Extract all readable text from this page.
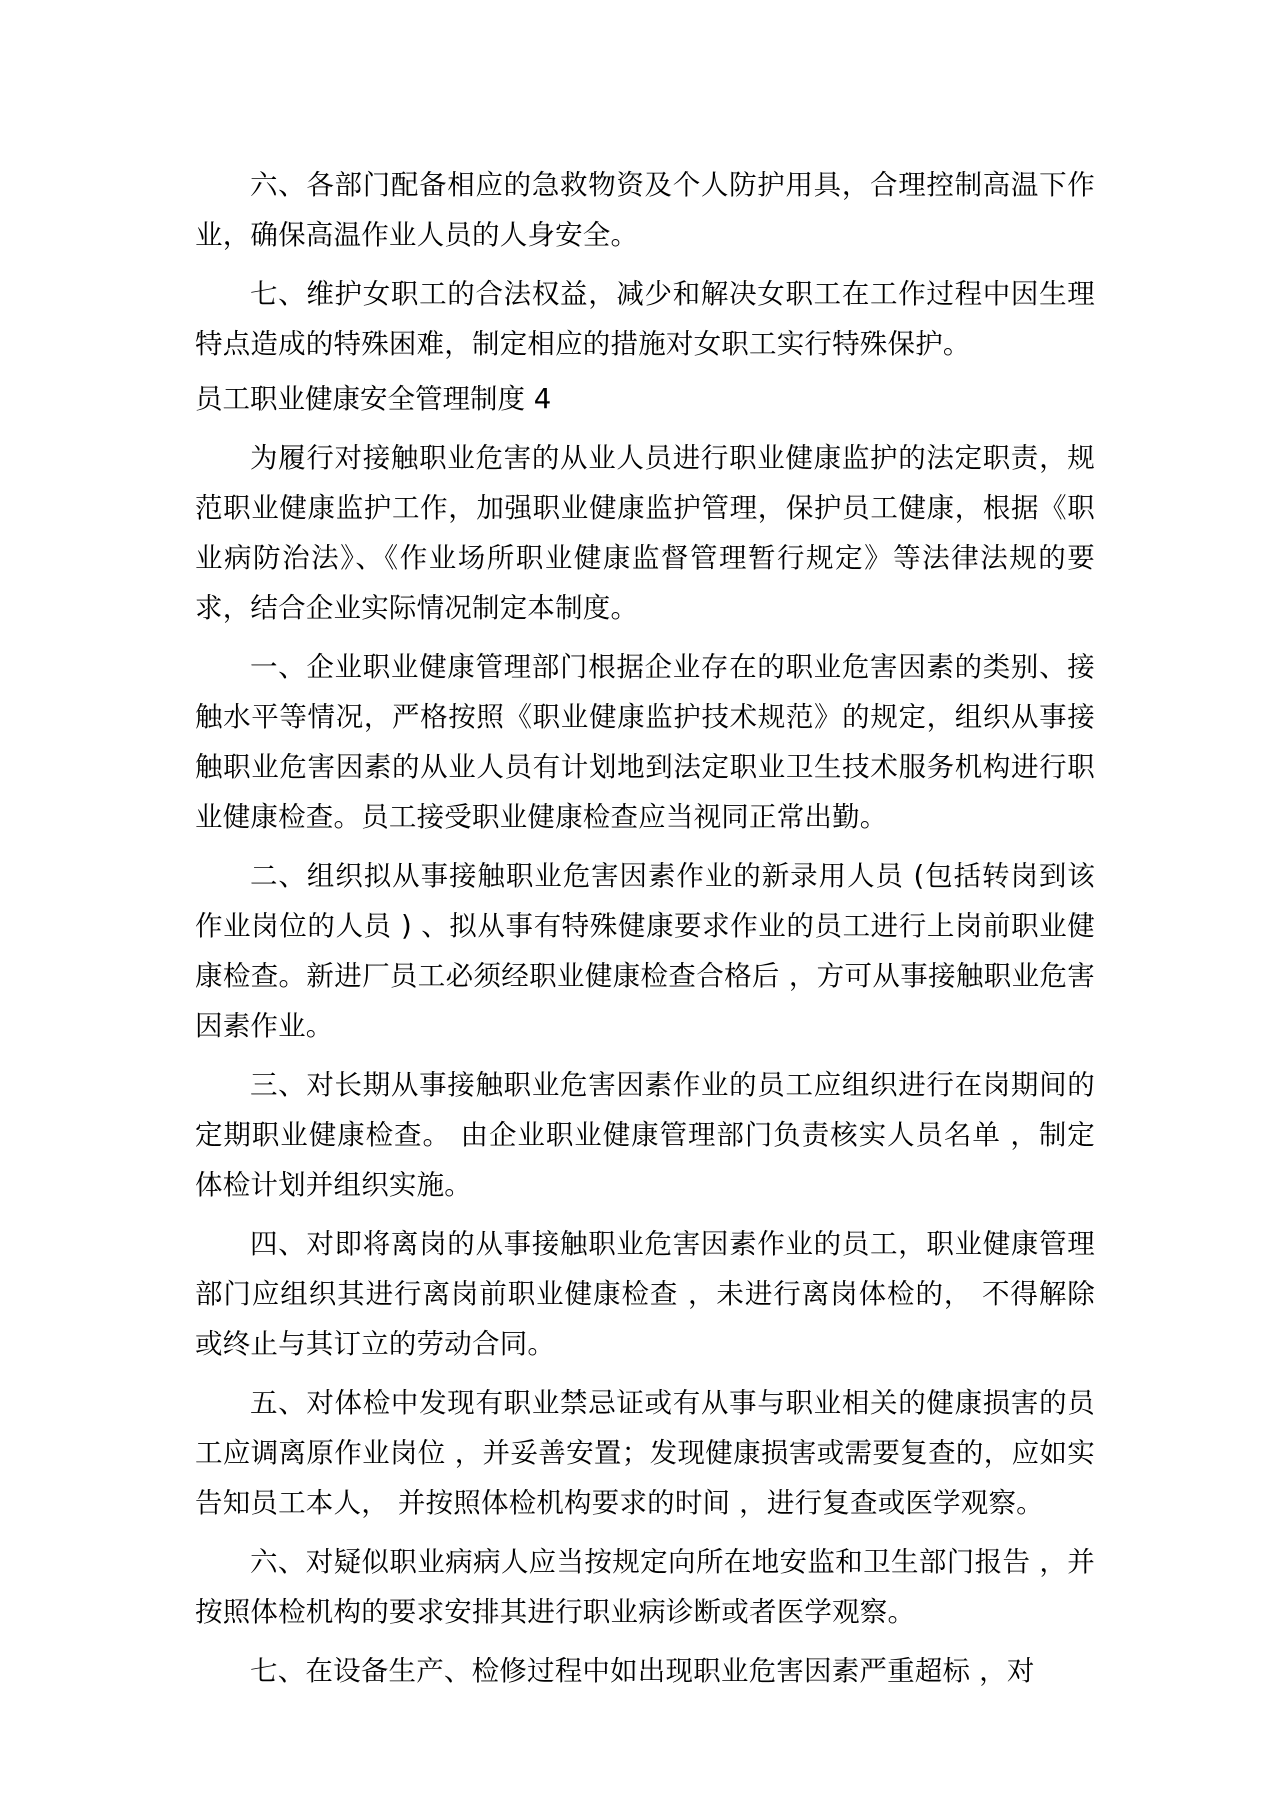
六、各部门配备相应的急救物资及个人防护用具，合理控制高温下作业，确保高温作业人员的人身安全。

七、维护女职工的合法权益，减少和解决女职工在工作过程中因生理特点造成的特殊困难，制定相应的措施对女职工实行特殊保护。

员工职业健康安全管理制度 4

为履行对接触职业危害的从业人员进行职业健康监护的法定职责，规范职业健康监护工作，加强职业健康监护管理，保护员工健康，根据《职业病防治法》、《作业场所职业健康监督管理暂行规定》等法律法规的要求，结合企业实际情况制定本制度。

一、企业职业健康管理部门根据企业存在的职业危害因素的类别、接触水平等情况，严格按照《职业健康监护技术规范》的规定，组织从事接触职业危害因素的从业人员有计划地到法定职业卫生技术服务机构进行职业健康检查。员工接受职业健康检查应当视同正常出勤。

二、组织拟从事接触职业危害因素作业的新录用人员 (包括转岗到该作业岗位的人员 ) 、拟从事有特殊健康要求作业的员工进行上岗前职业健康检查。新进厂员工必须经职业健康检查合格后 ，方可从事接触职业危害因素作业。

三、对长期从事接触职业危害因素作业的员工应组织进行在岗期间的定期职业健康检查。 由企业职业健康管理部门负责核实人员名单 ，制定体检计划并组织实施。

四、对即将离岗的从事接触职业危害因素作业的员工，职业健康管理部门应组织其进行离岗前职业健康检查 ，未进行离岗体检的， 不得解除或终止与其订立的劳动合同。

五、对体检中发现有职业禁忌证或有从事与职业相关的健康损害的员工应调离原作业岗位 ，并妥善安置；发现健康损害或需要复查的，应如实告知员工本人， 并按照体检机构要求的时间 ，进行复查或医学观察。

六、对疑似职业病病人应当按规定向所在地安监和卫生部门报告 ，并按照体检机构的要求安排其进行职业病诊断或者医学观察。

七、在设备生产、检修过程中如出现职业危害因素严重超标 ，对
